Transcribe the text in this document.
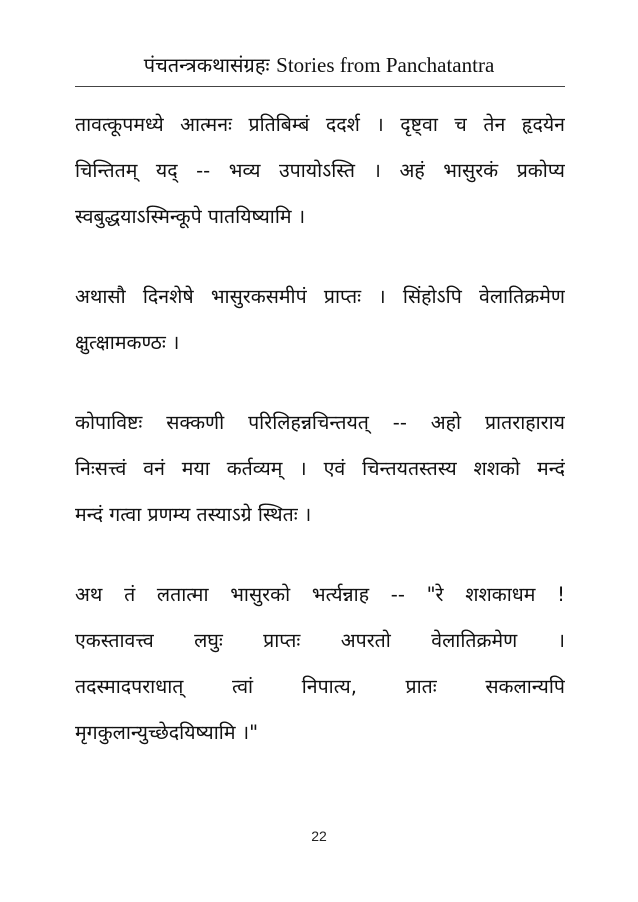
पंचतन्त्रकथासंग्रहः Stories from Panchatantra
तावत्कूपमध्ये आत्मनः प्रतिबिम्बं ददर्श । दृष्ट्वा च तेन हृदयेन
चिन्तितम् यद् -- भव्य उपायोऽस्ति । अहं भासुरकं प्रकोप्य
स्वबुद्धयाऽस्मिन्कूपे पातयिष्यामि ।
अथासौ दिनशेषे भासुरकसमीपं प्राप्तः । सिंहोऽपि वेलातिक्रमेण
क्षुत्क्षामकण्ठः ।
कोपाविष्टः सक्कणी परिलिहन्नचिन्तयत् -- अहो प्रातराहाराय
निःसत्त्वं वनं मया कर्तव्यम् । एवं चिन्तयतस्तस्य शशको मन्दं
मन्दं गत्वा प्रणम्य तस्याऽग्रे स्थितः ।
अथ तं लतात्मा भासुरको भर्त्यन्नाह -- "रे शशकाधम !
एकस्तावत्त्व लघुः प्राप्तः अपरतो वेलातिक्रमेण ।
तदस्मादपराधात् त्वां निपात्य, प्रातः सकलान्यपि
मृगकुलान्युच्छेदयिष्यामि ।"
22
